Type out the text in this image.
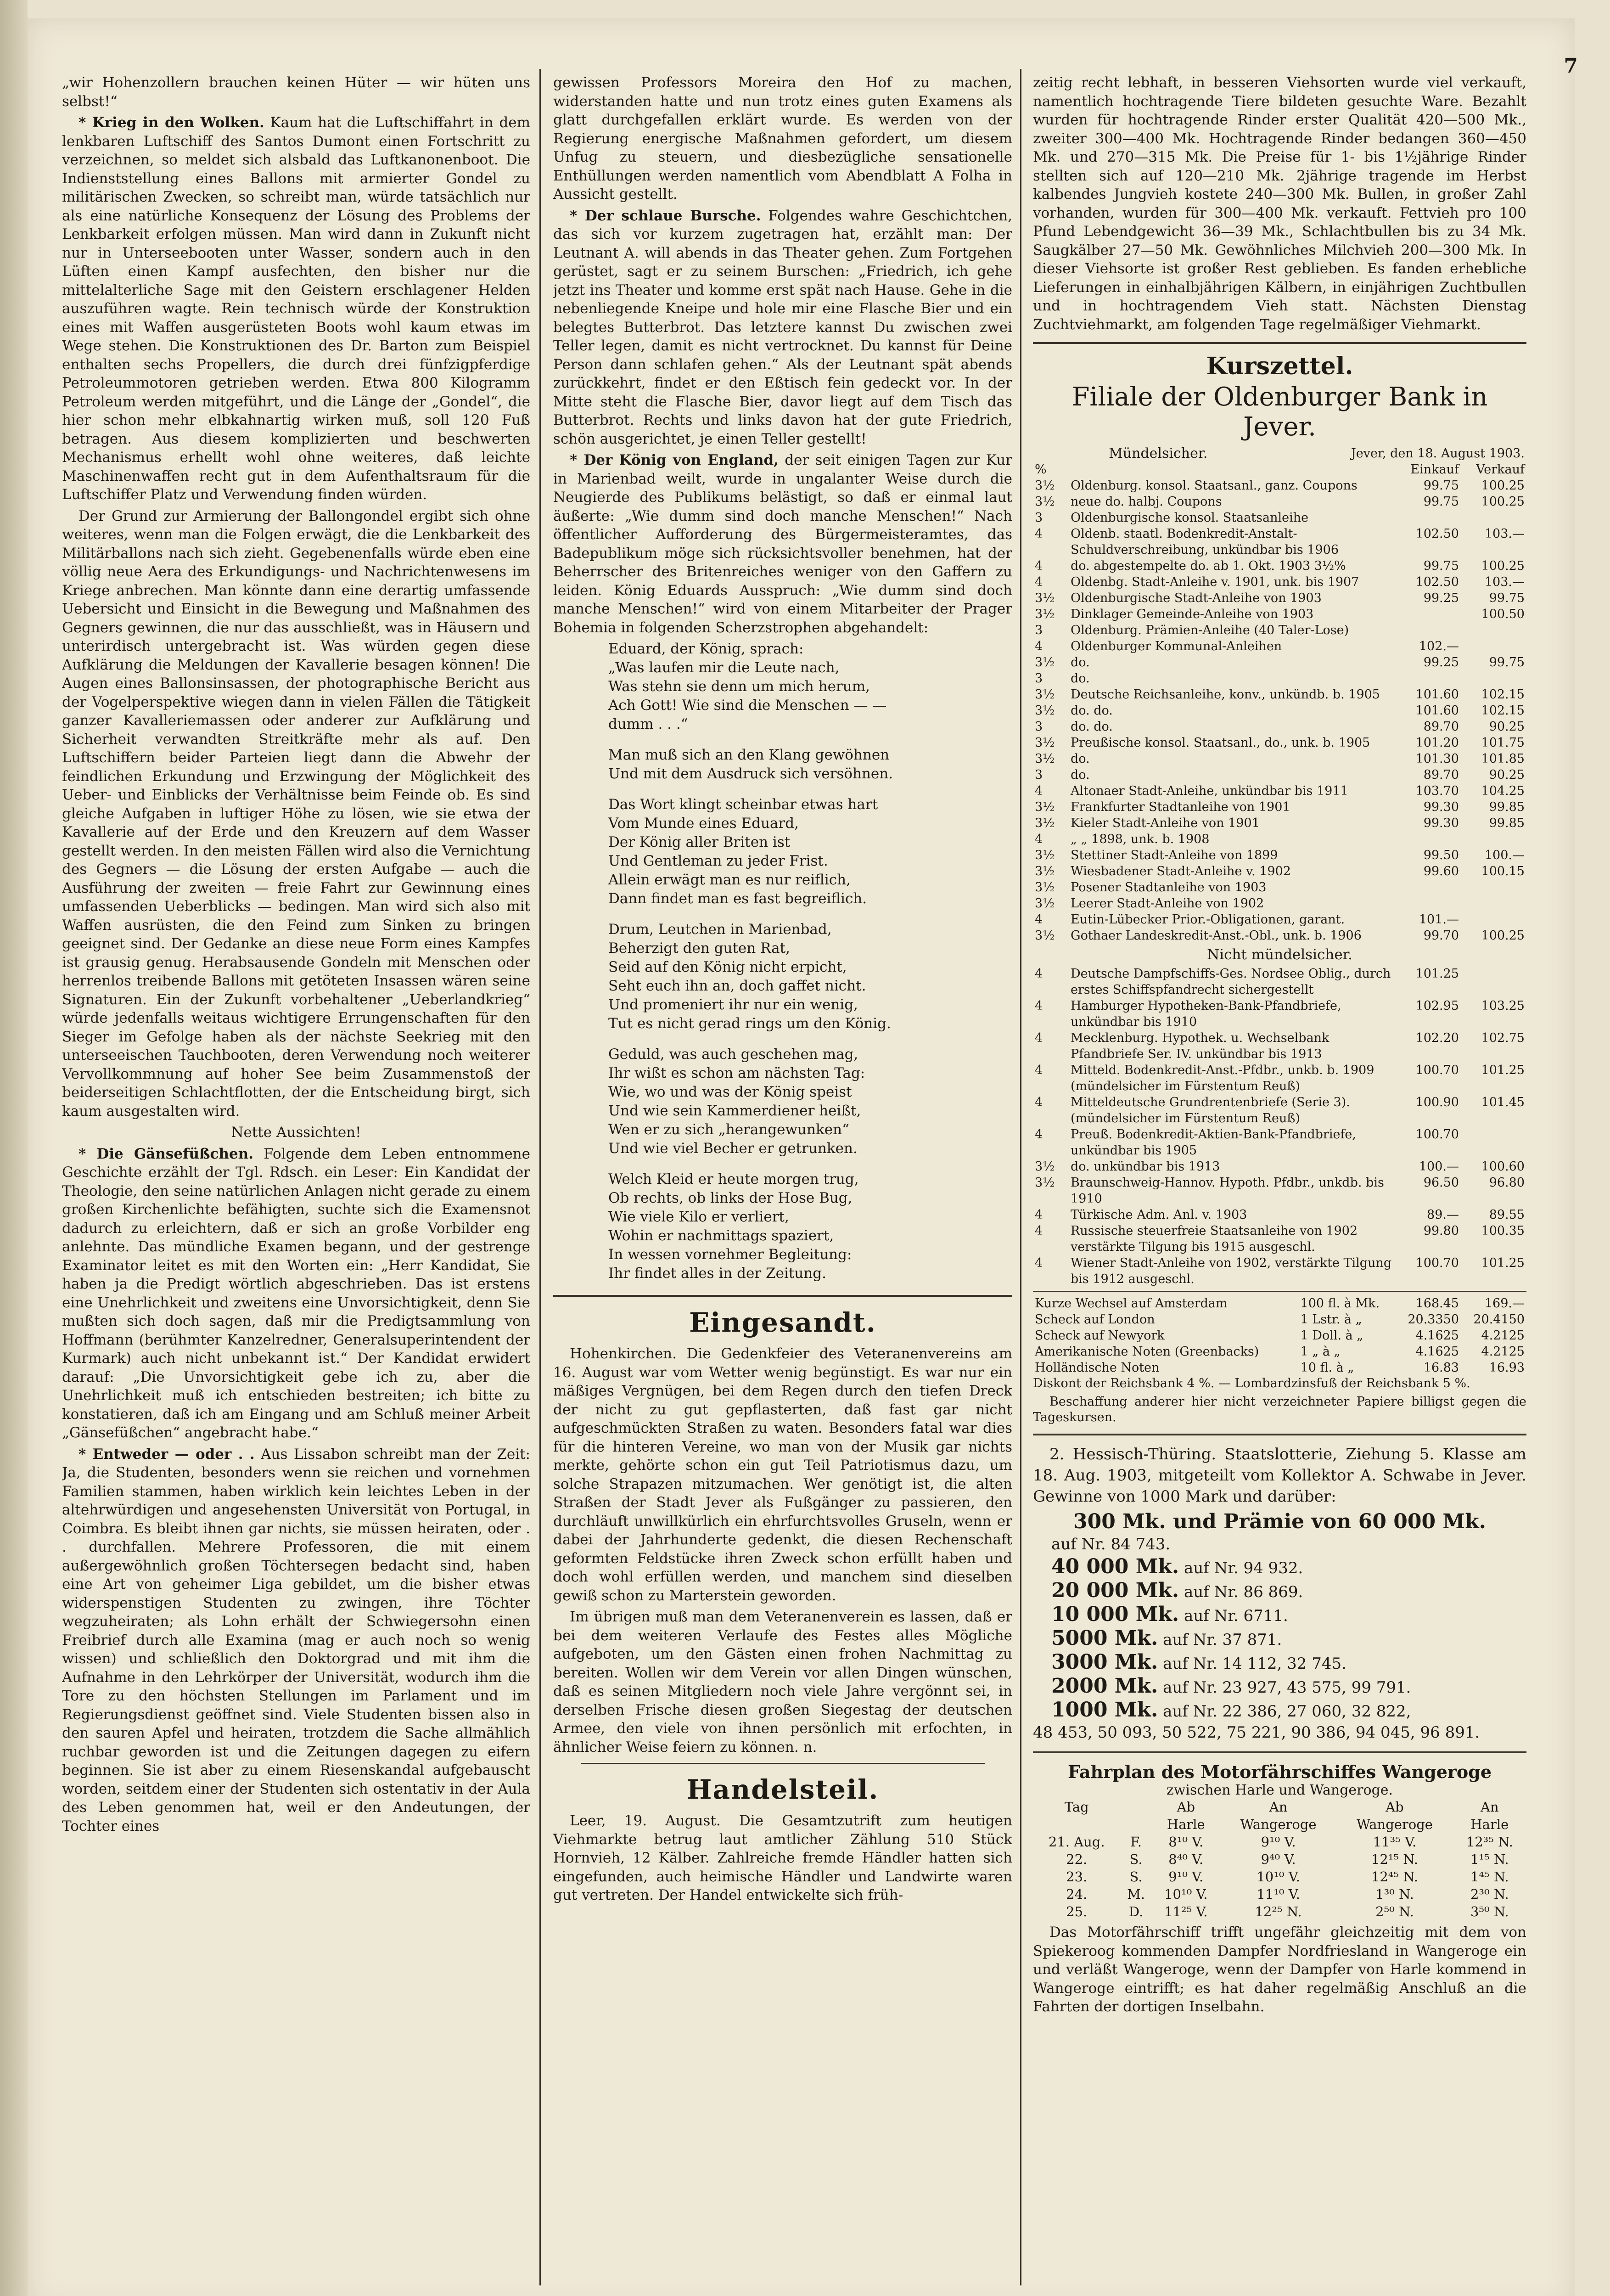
7

„wir Hohenzollern brauchen keinen Hüter — wir hüten uns selbst!“

* Krieg in den Wolken. Kaum hat die Luftschiffahrt in dem lenkbaren Luftschiff des Santos Dumont einen Fortschritt zu verzeichnen, so meldet sich alsbald das Luftkanonenboot. Die Indienststellung eines Ballons mit armierter Gondel zu militärischen Zwecken, so schreibt man, würde tatsächlich nur als eine natürliche Konsequenz der Lösung des Problems der Lenkbarkeit erfolgen müssen. Man wird dann in Zukunft nicht nur in Unterseebooten unter Wasser, sondern auch in den Lüften einen Kampf ausfechten, den bisher nur die mittelalterliche Sage mit den Geistern erschlagener Helden auszuführen wagte. Rein technisch würde der Konstruktion eines mit Waffen ausgerüsteten Boots wohl kaum etwas im Wege stehen. Die Konstruktionen des Dr. Barton zum Beispiel enthalten sechs Propellers, die durch drei fünfzigpferdige Petroleummotoren getrieben werden. Etwa 800 Kilogramm Petroleum werden mitgeführt, und die Länge der „Gondel“, die hier schon mehr elbkahnartig wirken muß, soll 120 Fuß betragen. Aus diesem komplizierten und beschwerten Mechanismus erhellt wohl ohne weiteres, daß leichte Maschinenwaffen recht gut in dem Aufenthaltsraum für die Luftschiffer Platz und Verwendung finden würden.

Der Grund zur Armierung der Ballongondel ergibt sich ohne weiteres, wenn man die Folgen erwägt, die die Lenkbarkeit des Militärballons nach sich zieht. Gegebenenfalls würde eben eine völlig neue Aera des Erkundigungs- und Nachrichtenwesens im Kriege anbrechen. Man könnte dann eine derartig umfassende Uebersicht und Einsicht in die Bewegung und Maßnahmen des Gegners gewinnen, die nur das ausschließt, was in Häusern und unterirdisch untergebracht ist. Was würden gegen diese Aufklärung die Meldungen der Kavallerie besagen können! Die Augen eines Ballonsinsassen, der photographische Bericht aus der Vogelperspektive wiegen dann in vielen Fällen die Tätigkeit ganzer Kavalleriemassen oder anderer zur Aufklärung und Sicherheit verwandten Streitkräfte mehr als auf. Den Luftschiffern beider Parteien liegt dann die Abwehr der feindlichen Erkundung und Erzwingung der Möglichkeit des Ueber- und Einblicks der Verhältnisse beim Feinde ob. Es sind gleiche Aufgaben in luftiger Höhe zu lösen, wie sie etwa der Kavallerie auf der Erde und den Kreuzern auf dem Wasser gestellt werden. In den meisten Fällen wird also die Vernichtung des Gegners — die Lösung der ersten Aufgabe — auch die Ausführung der zweiten — freie Fahrt zur Gewinnung eines umfassenden Ueberblicks — bedingen. Man wird sich also mit Waffen ausrüsten, die den Feind zum Sinken zu bringen geeignet sind. Der Gedanke an diese neue Form eines Kampfes ist grausig genug. Herabsausende Gondeln mit Menschen oder herrenlos treibende Ballons mit getöteten Insassen wären seine Signaturen. Ein der Zukunft vorbehaltener „Ueberlandkrieg“ würde jedenfalls weitaus wichtigere Errungenschaften für den Sieger im Gefolge haben als der nächste Seekrieg mit den unterseeischen Tauchbooten, deren Verwendung noch weiterer Vervollkommnung auf hoher See beim Zusammenstoß der beiderseitigen Schlachtflotten, der die Entscheidung birgt, sich kaum ausgestalten wird.

Nette Aussichten!

* Die Gänsefüßchen. Folgende dem Leben entnommene Geschichte erzählt der Tgl. Rdsch. ein Leser: Ein Kandidat der Theologie, den seine natürlichen Anlagen nicht gerade zu einem großen Kirchenlichte befähigten, suchte sich die Examensnot dadurch zu erleichtern, daß er sich an große Vorbilder eng anlehnte. Das mündliche Examen begann, und der gestrenge Examinator leitet es mit den Worten ein: „Herr Kandidat, Sie haben ja die Predigt wörtlich abgeschrieben. Das ist erstens eine Unehrlichkeit und zweitens eine Unvorsichtigkeit, denn Sie mußten sich doch sagen, daß mir die Predigtsammlung von Hoffmann (berühmter Kanzelredner, Generalsuperintendent der Kurmark) auch nicht unbekannt ist.“ Der Kandidat erwidert darauf: „Die Unvorsichtigkeit gebe ich zu, aber die Unehrlichkeit muß ich entschieden bestreiten; ich bitte zu konstatieren, daß ich am Eingang und am Schluß meiner Arbeit „Gänsefüßchen“ angebracht habe.“

* Entweder — oder . . Aus Lissabon schreibt man der Zeit: Ja, die Studenten, besonders wenn sie reichen und vornehmen Familien stammen, haben wirklich kein leichtes Leben in der altehrwürdigen und angesehensten Universität von Portugal, in Coimbra. Es bleibt ihnen gar nichts, sie müssen heiraten, oder . . durchfallen. Mehrere Professoren, die mit einem außergewöhnlich großen Töchtersegen bedacht sind, haben eine Art von geheimer Liga gebildet, um die bisher etwas widerspenstigen Studenten zu zwingen, ihre Töchter wegzuheiraten; als Lohn erhält der Schwiegersohn einen Freibrief durch alle Examina (mag er auch noch so wenig wissen) und schließlich den Doktorgrad und mit ihm die Aufnahme in den Lehrkörper der Universität, wodurch ihm die Tore zu den höchsten Stellungen im Parlament und im Regierungsdienst geöffnet sind. Viele Studenten bissen also in den sauren Apfel und heiraten, trotzdem die Sache allmählich ruchbar geworden ist und die Zeitungen dagegen zu eifern beginnen. Sie ist aber zu einem Riesenskandal aufgebauscht worden, seitdem einer der Studenten sich ostentativ in der Aula des Leben genommen hat, weil er den Andeutungen, der Tochter eines

gewissen Professors Moreira den Hof zu machen, widerstanden hatte und nun trotz eines guten Examens als glatt durchgefallen erklärt wurde. Es werden von der Regierung energische Maßnahmen gefordert, um diesem Unfug zu steuern, und diesbezügliche sensationelle Enthüllungen werden namentlich vom Abendblatt A Folha in Aussicht gestellt.

* Der schlaue Bursche. Folgendes wahre Geschichtchen, das sich vor kurzem zugetragen hat, erzählt man: Der Leutnant A. will abends in das Theater gehen. Zum Fortgehen gerüstet, sagt er zu seinem Burschen: „Friedrich, ich gehe jetzt ins Theater und komme erst spät nach Hause. Gehe in die nebenliegende Kneipe und hole mir eine Flasche Bier und ein belegtes Butterbrot. Das letztere kannst Du zwischen zwei Teller legen, damit es nicht vertrocknet. Du kannst für Deine Person dann schlafen gehen.“ Als der Leutnant spät abends zurückkehrt, findet er den Eßtisch fein gedeckt vor. In der Mitte steht die Flasche Bier, davor liegt auf dem Tisch das Butterbrot. Rechts und links davon hat der gute Friedrich, schön ausgerichtet, je einen Teller gestellt!

* Der König von England, der seit einigen Tagen zur Kur in Marienbad weilt, wurde in ungalanter Weise durch die Neugierde des Publikums belästigt, so daß er einmal laut äußerte: „Wie dumm sind doch manche Menschen!“ Nach öffentlicher Aufforderung des Bürgermeisteramtes, das Badepublikum möge sich rücksichtsvoller benehmen, hat der Beherrscher des Britenreiches weniger von den Gaffern zu leiden. König Eduards Ausspruch: „Wie dumm sind doch manche Menschen!“ wird von einem Mitarbeiter der Prager Bohemia in folgenden Scherzstrophen abgehandelt:

Eduard, der König, sprach:
„Was laufen mir die Leute nach,
Was stehn sie denn um mich herum,
Ach Gott! Wie sind die Menschen — —
dumm . . .“
Man muß sich an den Klang gewöhnen
Und mit dem Ausdruck sich versöhnen.
Das Wort klingt scheinbar etwas hart
Vom Munde eines Eduard,
Der König aller Briten ist
Und Gentleman zu jeder Frist.
Allein erwägt man es nur reiflich,
Dann findet man es fast begreiflich.
Drum, Leutchen in Marienbad,
Beherzigt den guten Rat,
Seid auf den König nicht erpicht,
Seht euch ihn an, doch gaffet nicht.
Und promeniert ihr nur ein wenig,
Tut es nicht gerad rings um den König.
Geduld, was auch geschehen mag,
Ihr wißt es schon am nächsten Tag:
Wie, wo und was der König speist
Und wie sein Kammerdiener heißt,
Wen er zu sich „herangewunken“
Und wie viel Becher er getrunken.
Welch Kleid er heute morgen trug,
Ob rechts, ob links der Hose Bug,
Wie viele Kilo er verliert,
Wohin er nachmittags spaziert,
In wessen vornehmer Begleitung:
Ihr findet alles in der Zeitung.
Eingesandt.

Hohenkirchen. Die Gedenkfeier des Veteranenvereins am 16. August war vom Wetter wenig begünstigt. Es war nur ein mäßiges Vergnügen, bei dem Regen durch den tiefen Dreck der nicht zu gut gepflasterten, daß fast gar nicht aufgeschmückten Straßen zu waten. Besonders fatal war dies für die hinteren Vereine, wo man von der Musik gar nichts merkte, gehörte schon ein gut Teil Patriotismus dazu, um solche Strapazen mitzumachen. Wer genötigt ist, die alten Straßen der Stadt Jever als Fußgänger zu passieren, den durchläuft unwillkürlich ein ehrfurchtsvolles Gruseln, wenn er dabei der Jahrhunderte gedenkt, die diesen Rechenschaft geformten Feldstücke ihren Zweck schon erfüllt haben und doch wohl erfüllen werden, und manchem sind dieselben gewiß schon zu Marterstein geworden.

Im übrigen muß man dem Veteranenverein es lassen, daß er bei dem weiteren Verlaufe des Festes alles Mögliche aufgeboten, um den Gästen einen frohen Nachmittag zu bereiten. Wollen wir dem Verein vor allen Dingen wünschen, daß es seinen Mitgliedern noch viele Jahre vergönnt sei, in derselben Frische diesen großen Siegestag der deutschen Armee, den viele von ihnen persönlich mit erfochten, in ähnlicher Weise feiern zu können. n.

Handelsteil.

Leer, 19. August. Die Gesamtzutrift zum heutigen Viehmarkte betrug laut amtlicher Zählung 510 Stück Hornvieh, 12 Kälber. Zahlreiche fremde Händler hatten sich eingefunden, auch heimische Händler und Landwirte waren gut vertreten. Der Handel entwickelte sich früh-

zeitig recht lebhaft, in besseren Viehsorten wurde viel verkauft, namentlich hochtragende Tiere bildeten gesuchte Ware. Bezahlt wurden für hochtragende Rinder erster Qualität 420—500 Mk., zweiter 300—400 Mk. Hochtragende Rinder bedangen 360—450 Mk. und 270—315 Mk. Die Preise für 1- bis 1½jährige Rinder stellten sich auf 120—210 Mk. 2jährige tragende im Herbst kalbendes Jungvieh kostete 240—300 Mk. Bullen, in großer Zahl vorhanden, wurden für 300—400 Mk. verkauft. Fettvieh pro 100 Pfund Lebendgewicht 36—39 Mk., Schlachtbullen bis zu 34 Mk. Saugkälber 27—50 Mk. Gewöhnliches Milchvieh 200—300 Mk. In dieser Viehsorte ist großer Rest geblieben. Es fanden erhebliche Lieferungen in einhalbjährigen Kälbern, in einjährigen Zuchtbullen und in hochtragendem Vieh statt. Nächsten Dienstag Zuchtviehmarkt, am folgenden Tage regelmäßiger Viehmarkt.

Kurszettel.
Filiale der Oldenburger Bank in Jever.
Mündelsicher.	Jever, den 18. August 1903.
%		Einkauf	Verkauf
3½	Oldenburg. konsol. Staatsanl., ganz. Coupons	99.75	100.25
3½	neue do. halbj. Coupons	99.75	100.25
3	Oldenburgische konsol. Staatsanleihe		
4	Oldenb. staatl. Bodenkredit-Anstalt-Schuldverschreibung, unkündbar bis 1906	102.50	103.—
4	do. abgestempelte do. ab 1. Okt. 1903 3½%	99.75	100.25
4	Oldenbg. Stadt-Anleihe v. 1901, unk. bis 1907	102.50	103.—
3½	Oldenburgische Stadt-Anleihe von 1903	99.25	99.75
3½	Dinklager Gemeinde-Anleihe von 1903		100.50
3	Oldenburg. Prämien-Anleihe (40 Taler-Lose)		
4	Oldenburger Kommunal-Anleihen	102.—	
3½	do.	99.25	99.75
3	do.		
3½	Deutsche Reichsanleihe, konv., unkündb. b. 1905	101.60	102.15
3½	do. do.	101.60	102.15
3	do. do.	89.70	90.25
3½	Preußische konsol. Staatsanl., do., unk. b. 1905	101.20	101.75
3½	do.	101.30	101.85
3	do.	89.70	90.25
4	Altonaer Stadt-Anleihe, unkündbar bis 1911	103.70	104.25
3½	Frankfurter Stadtanleihe von 1901	99.30	99.85
3½	Kieler Stadt-Anleihe von 1901	99.30	99.85
4	„ „ 1898, unk. b. 1908		
3½	Stettiner Stadt-Anleihe von 1899	99.50	100.—
3½	Wiesbadener Stadt-Anleihe v. 1902	99.60	100.15
3½	Posener Stadtanleihe von 1903		
3½	Leerer Stadt-Anleihe von 1902		
4	Eutin-Lübecker Prior.-Obligationen, garant.	101.—	
3½	Gothaer Landeskredit-Anst.-Obl., unk. b. 1906	99.70	100.25
Nicht mündelsicher.
4	Deutsche Dampfschiffs-Ges. Nordsee Oblig., durch erstes Schiffspfandrecht sichergestellt	101.25	
4	Hamburger Hypotheken-Bank-Pfandbriefe, unkündbar bis 1910	102.95	103.25
4	Mecklenburg. Hypothek. u. Wechselbank Pfandbriefe Ser. IV. unkündbar bis 1913	102.20	102.75
4	Mitteld. Bodenkredit-Anst.-Pfdbr., unkb. b. 1909 (mündelsicher im Fürstentum Reuß)	100.70	101.25
4	Mitteldeutsche Grundrentenbriefe (Serie 3). (mündelsicher im Fürstentum Reuß)	100.90	101.45
4	Preuß. Bodenkredit-Aktien-Bank-Pfandbriefe, unkündbar bis 1905	100.70	
3½	do. unkündbar bis 1913	100.—	100.60
3½	Braunschweig-Hannov. Hypoth. Pfdbr., unkdb. bis 1910	96.50	96.80
4	Türkische Adm. Anl. v. 1903	89.—	89.55
4	Russische steuerfreie Staatsanleihe von 1902 verstärkte Tilgung bis 1915 ausgeschl.	99.80	100.35
4	Wiener Stadt-Anleihe von 1902, verstärkte Tilgung bis 1912 ausgeschl.	100.70	101.25
Kurze Wechsel auf Amsterdam	100 fl. à Mk.	168.45	169.—
Scheck auf London	1 Lstr. à „	20.3350	20.4150
Scheck auf Newyork	1 Doll. à „	4.1625	4.2125
Amerikanische Noten (Greenbacks)	1 „ à „	4.1625	4.2125
Holländische Noten	10 fl. à „	16.83	16.93

Diskont der Reichsbank 4 %. — Lombardzinsfuß der Reichsbank 5 %.

Beschaffung anderer hier nicht verzeichneter Papiere billigst gegen die Tageskursen.

2. Hessisch-Thüring. Staatslotterie, Ziehung 5. Klasse am 18. Aug. 1903, mitgeteilt vom Kollektor A. Schwabe in Jever. Gewinne von 1000 Mark und darüber:

300 Mk. und Prämie von 60 000 Mk.
auf Nr. 84 743.
40 000 Mk. auf Nr. 94 932.
20 000 Mk. auf Nr. 86 869.
10 000 Mk. auf Nr. 6711.
5000 Mk. auf Nr. 37 871.
3000 Mk. auf Nr. 14 112, 32 745.
2000 Mk. auf Nr. 23 927, 43 575, 99 791.
1000 Mk. auf Nr. 22 386, 27 060, 32 822,
48 453, 50 093, 50 522, 75 221, 90 386, 94 045, 96 891.
Fahrplan des Motorfährschiffes Wangeroge
zwischen Harle und Wangeroge.
Tag		Ab	An	Ab	An
		Harle	Wangeroge	Wangeroge	Harle
21. Aug.	F.	8¹⁰ V.	9¹⁰ V.	11³⁵ V.	12³⁵ N.
22.	S.	8⁴⁰ V.	9⁴⁰ V.	12¹⁵ N.	1¹⁵ N.
23.	S.	9¹⁰ V.	10¹⁰ V.	12⁴⁵ N.	1⁴⁵ N.
24.	M.	10¹⁰ V.	11¹⁰ V.	1³⁰ N.	2³⁰ N.
25.	D.	11²⁵ V.	12²⁵ N.	2⁵⁰ N.	3⁵⁰ N.

Das Motorfährschiff trifft ungefähr gleichzeitig mit dem von Spiekeroog kommenden Dampfer Nordfriesland in Wangeroge ein und verläßt Wangeroge, wenn der Dampfer von Harle kommend in Wangeroge eintrifft; es hat daher regelmäßig Anschluß an die Fahrten der dortigen Inselbahn.
